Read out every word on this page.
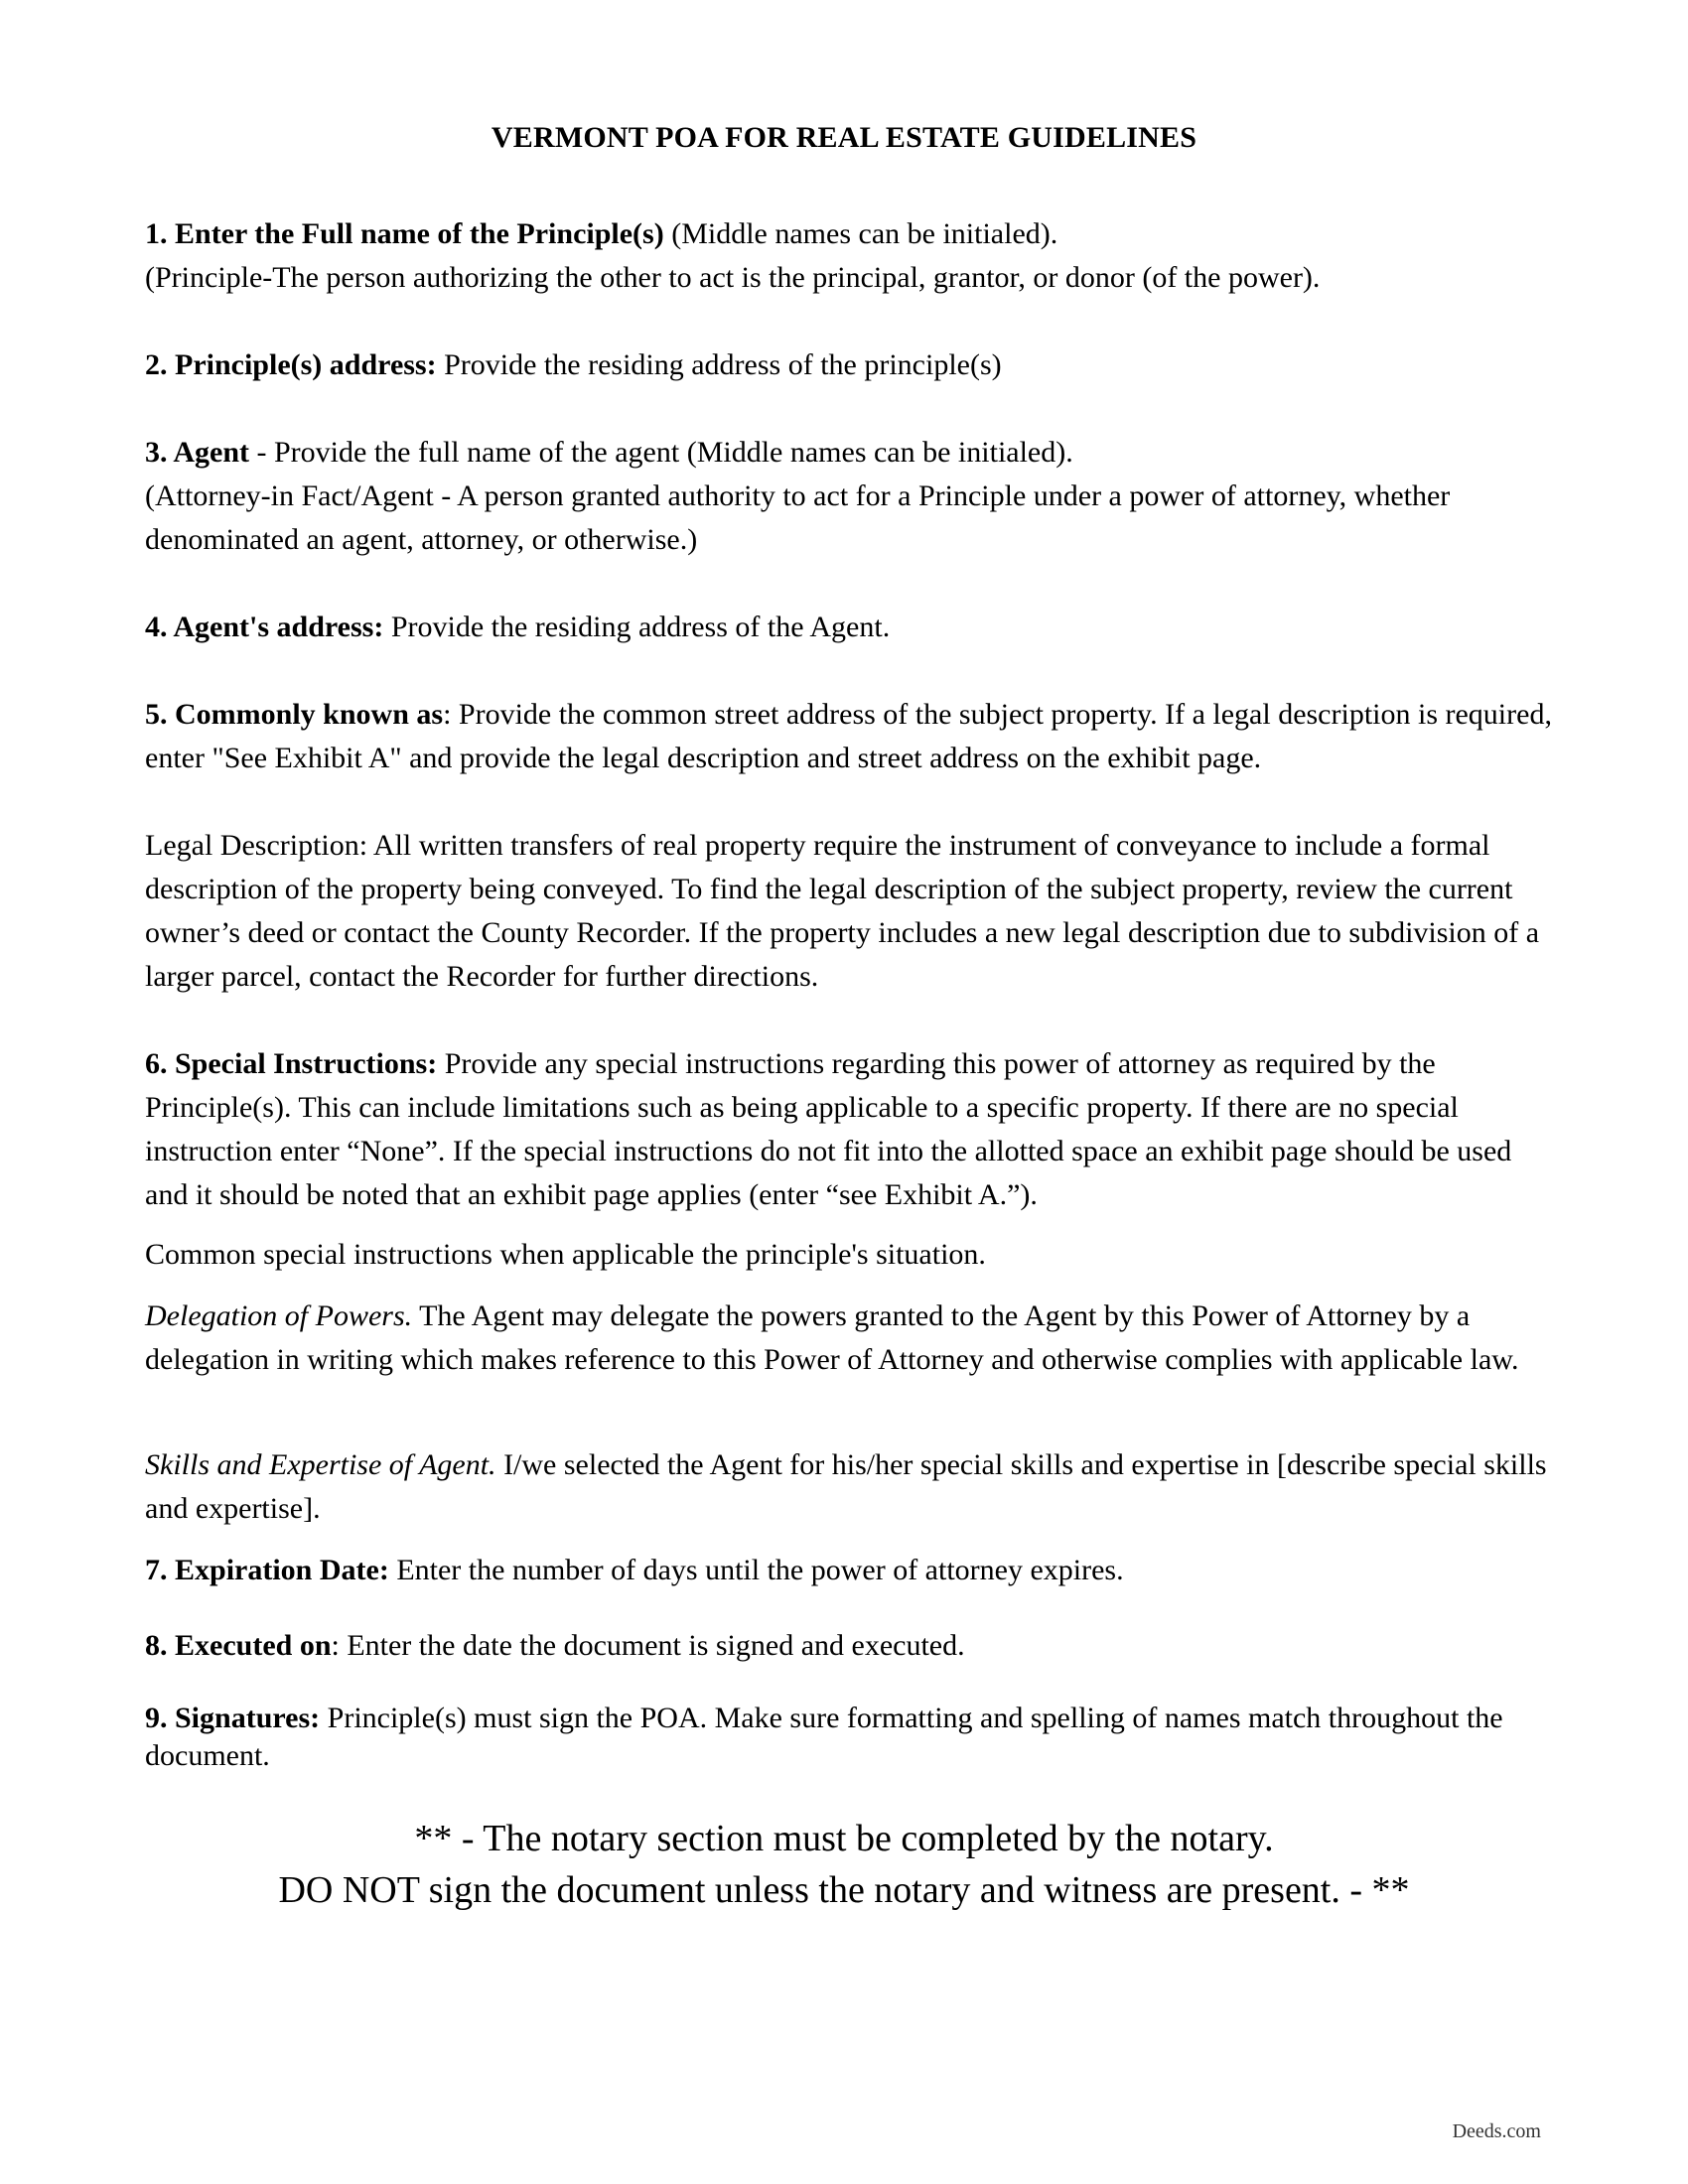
VERMONT POA FOR REAL ESTATE GUIDELINES

1. Enter the Full name of the Principle(s) (Middle names can be initialed).

(Principle-The person authorizing the other to act is the principal, grantor, or donor (of the power).

2. Principle(s) address: Provide the residing address of the principle(s)

3. Agent - Provide the full name of the agent (Middle names can be initialed).

(Attorney-in Fact/Agent - A person granted authority to act for a Principle under a power of attorney, whether denominated an agent, attorney, or otherwise.)

4. Agent's address: Provide the residing address of the Agent.

5. Commonly known as: Provide the common street address of the subject property. If a legal description is required, enter "See Exhibit A" and provide the legal description and street address on the exhibit page.

Legal Description: All written transfers of real property require the instrument of conveyance to include a formal description of the property being conveyed. To find the legal description of the subject property, review the current owner’s deed or contact the County Recorder. If the property includes a new legal description due to subdivision of a larger parcel, contact the Recorder for further directions.

6. Special Instructions: Provide any special instructions regarding this power of attorney as required by the Principle(s). This can include limitations such as being applicable to a specific property. If there are no special instruction enter “None”. If the special instructions do not fit into the allotted space an exhibit page should be used and it should be noted that an exhibit page applies (enter “see Exhibit A.”).

Common special instructions when applicable the principle's situation.

Delegation of Powers. The Agent may delegate the powers granted to the Agent by this Power of Attorney by a delegation in writing which makes reference to this Power of Attorney and otherwise complies with applicable law.

Skills and Expertise of Agent. I/we selected the Agent for his/her special skills and expertise in [describe special skills and expertise].

7. Expiration Date: Enter the number of days until the power of attorney expires.

8. Executed on: Enter the date the document is signed and executed.

9. Signatures: Principle(s) must sign the POA. Make sure formatting and spelling of names match throughout the document.

** - The notary section must be completed by the notary.
DO NOT sign the document unless the notary and witness are present. - **
Deeds.com
